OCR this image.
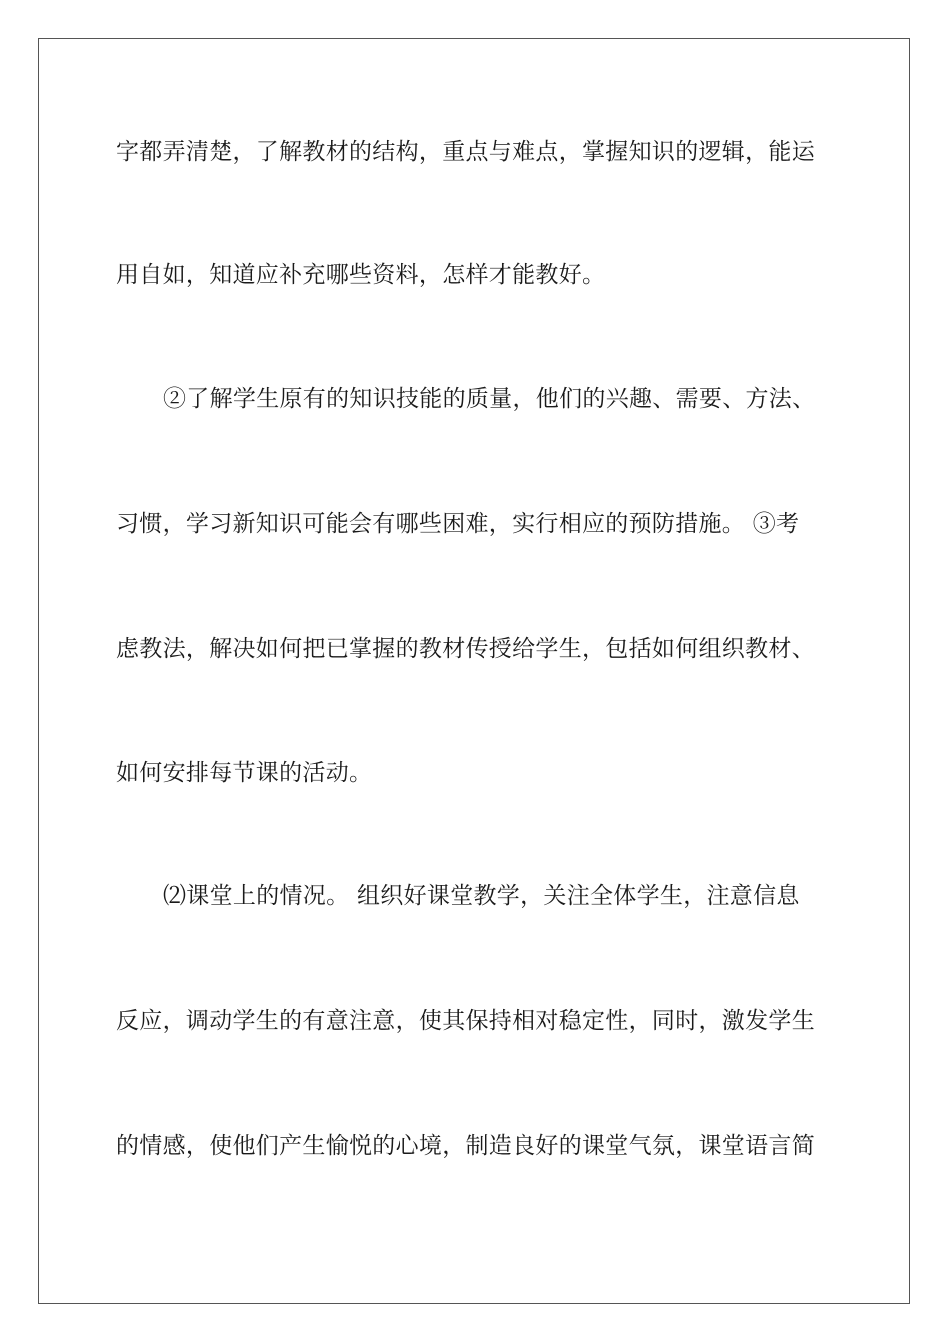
字都弄清楚，了解教材的结构，重点与难点，掌握知识的逻辑，能运
用自如，知道应补充哪些资料，怎样才能教好。
②了解学生原有的知识技能的质量，他们的兴趣、需要、方法、
习惯，学习新知识可能会有哪些困难，实行相应的预防措施。 ③考
虑教法，解决如何把已掌握的教材传授给学生，包括如何组织教材、
如何安排每节课的活动。
⑵课堂上的情况。 组织好课堂教学，关注全体学生，注意信息
反应，调动学生的有意注意，使其保持相对稳定性，同时，激发学生
的情感，使他们产生愉悦的心境，制造良好的课堂气氛，课堂语言简
